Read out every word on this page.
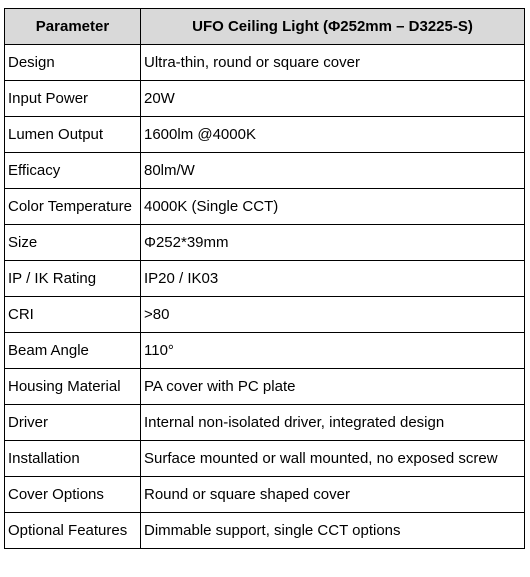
Parameter	UFO Ceiling Light (Φ252mm – D3225-S)
Design	Ultra-thin, round or square cover
Input Power	20W
Lumen Output	1600lm @4000K
Efficacy	80lm/W
Color Temperature	4000K (Single CCT)
Size	Φ252*39mm
IP / IK Rating	IP20 / IK03
CRI	>80
Beam Angle	110°
Housing Material	PA cover with PC plate
Driver	Internal non-isolated driver, integrated design
Installation	Surface mounted or wall mounted, no exposed screw
Cover Options	Round or square shaped cover
Optional Features	Dimmable support, single CCT options
